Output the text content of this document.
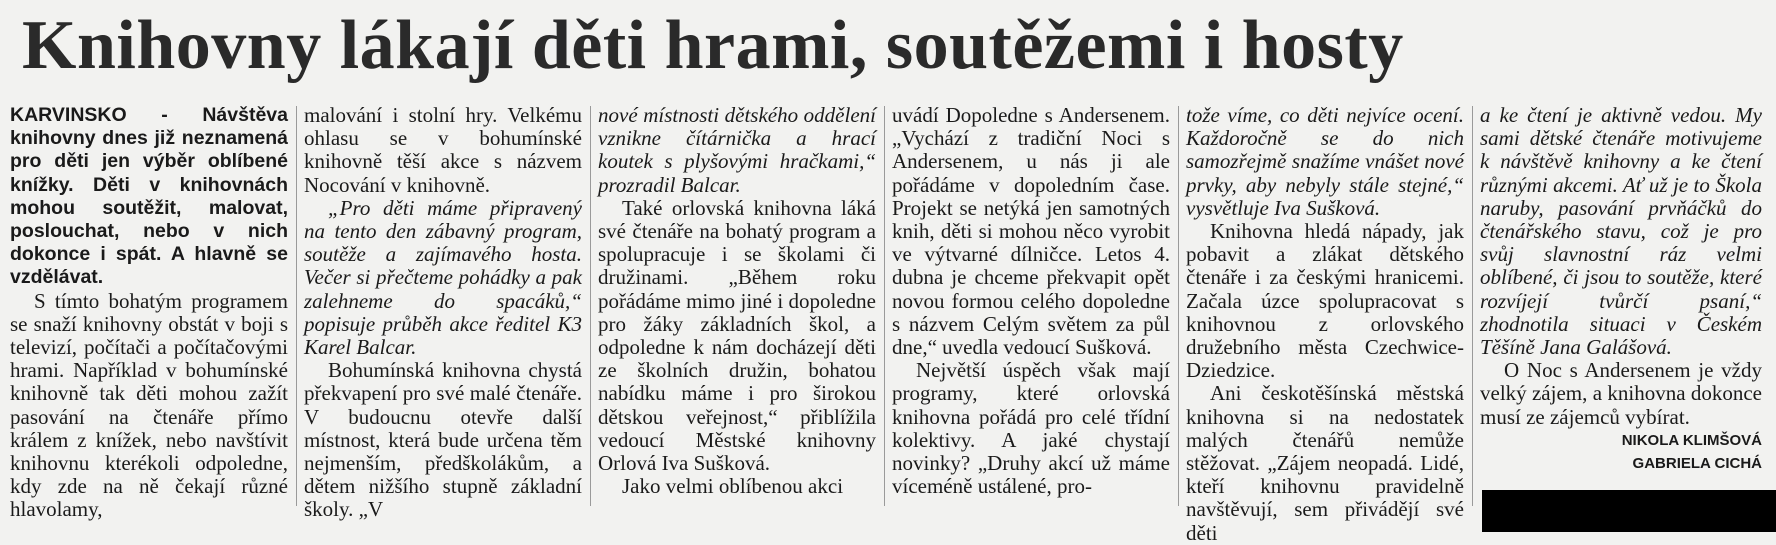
Knihovny lákají děti hrami, soutěžemi i hosty

KARVINSKO - Návštěva knihovny dnes již neznamená pro děti jen výběr oblíbené knížky. Děti v knihovnách mohou soutěžit, malovat, poslouchat, nebo v nich dokonce i spát. A hlavně se vzdělávat.

S tímto bohatým programem se snaží knihovny obstát v boji s televizí, počítači a počítačovými hrami. Například v bohumínské knihovně tak děti mohou zažít pasování na čtenáře přímo králem z knížek, nebo navštívit knihovnu kterékoli odpoledne, kdy zde na ně čekají různé hlavolamy,

malování i stolní hry. Velkému ohlasu se v bohumínské knihovně těší akce s názvem Nocování v knihovně.

„Pro děti máme připravený na tento den zábavný program, soutěže a zajímavého hosta. Večer si přečteme pohádky a pak zalehneme do spacáků,“ popisuje průběh akce ředitel K3 Karel Balcar.

Bohumínská knihovna chystá překvapení pro své malé čtenáře. V budoucnu otevře další místnost, která bude určena těm nejmenším, předškolákům, a dětem nižšího stupně základní školy. „V

nové místnosti dětského oddělení vznikne čítárnička a hrací koutek s plyšovými hračkami,“ prozradil Balcar.

Také orlovská knihovna láká své čtenáře na bohatý program a spolupracuje i se školami či družinami. „Během roku pořádáme mimo jiné i dopoledne pro žáky základních škol, a odpoledne k nám docházejí děti ze školních družin, bohatou nabídku máme i pro širokou dětskou veřejnost,“ přiblížila vedoucí Městské knihovny Orlová Iva Sušková.

Jako velmi oblíbenou akci

uvádí Dopoledne s Andersenem. „Vychází z tradiční Noci s Andersenem, u nás ji ale pořádáme v dopoledním čase. Projekt se netýká jen samotných knih, děti si mohou něco vyrobit ve výtvarné dílničce. Letos 4. dubna je chceme překvapit opět novou formou celého dopoledne s názvem Celým světem za půl dne,“ uvedla vedoucí Sušková.

Největší úspěch však mají programy, které orlovská knihovna pořádá pro celé třídní kolektivy. A jaké chystají novinky? „Druhy akcí už máme víceméně ustálené, pro-

tože víme, co děti nejvíce ocení. Každoročně se do nich samozřejmě snažíme vnášet nové prvky, aby nebyly stále stejné,“ vysvětluje Iva Sušková.

Knihovna hledá nápady, jak pobavit a zlákat dětského čtenáře i za českými hranicemi. Začala úzce spolupracovat s knihovnou z orlovského družebního města Czechwice-Dziedzice.

Ani českotěšínská městská knihovna si na nedostatek malých čtenářů nemůže stěžovat. „Zájem neopadá. Lidé, kteří knihovnu pravidelně navštěvují, sem přivádějí své děti

a ke čtení je aktivně vedou. My sami dětské čtenáře motivujeme k návštěvě knihovny a ke čtení různými akcemi. Ať už je to Škola naruby, pasování prvňáčků do čtenářského stavu, což je pro svůj slavnostní ráz velmi oblíbené, či jsou to soutěže, které rozvíjejí tvůrčí psaní,“ zhodnotila situaci v Českém Těšíně Jana Galášová.

O Noc s Andersenem je vždy velký zájem, a knihovna dokonce musí ze zájemců vybírat.

NIKOLA KLIMŠOVÁ

GABRIELA CICHÁ
